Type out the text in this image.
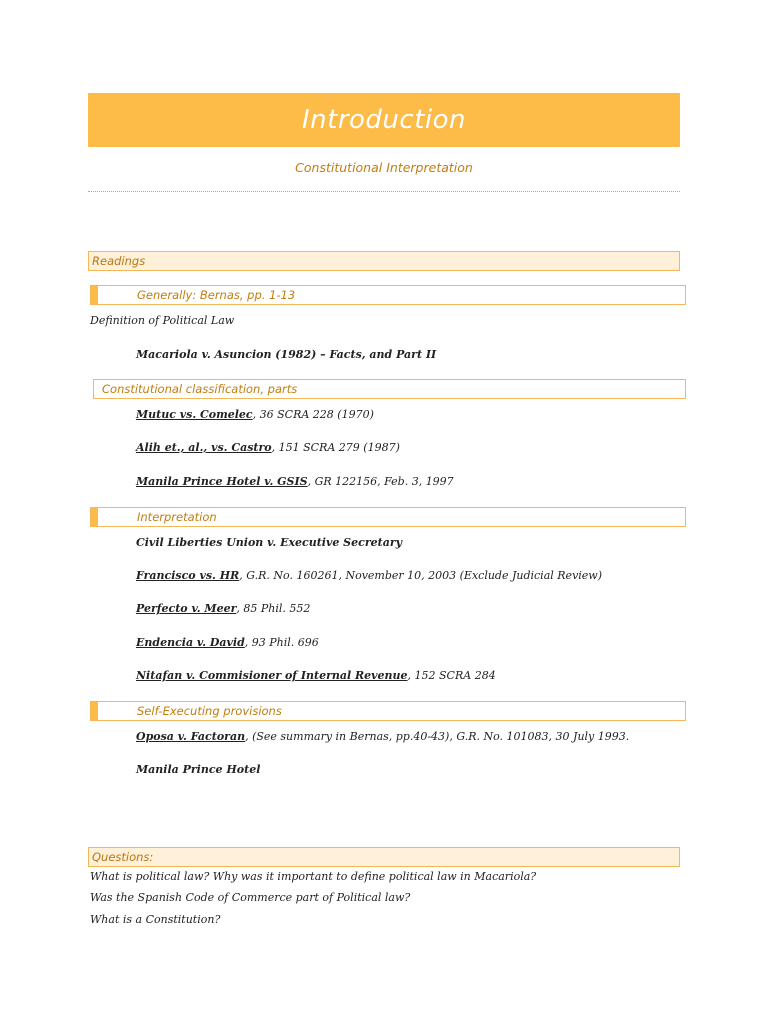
Introduction
Constitutional Interpretation
Readings
Generally: Bernas, pp. 1-13
Definition of Political Law
Macariola v. Asuncion (1982) – Facts, and Part II
Constitutional classification, parts
Mutuc vs. Comelec, 36 SCRA 228 (1970)
Alih et., al., vs. Castro, 151 SCRA 279 (1987)
Manila Prince Hotel v. GSIS, GR 122156, Feb. 3, 1997
Interpretation
Civil Liberties Union v. Executive Secretary
Francisco vs. HR, G.R. No. 160261, November 10, 2003 (Exclude Judicial Review)
Perfecto v. Meer, 85 Phil. 552
Endencia v. David, 93 Phil. 696
Nitafan v. Commisioner of Internal Revenue, 152 SCRA 284
Self-Executing provisions
Oposa v. Factoran, (See summary in Bernas, pp.40-43), G.R. No. 101083, 30 July 1993.
Manila Prince Hotel
Questions:
What is political law? Why was it important to define political law in Macariola?
Was the Spanish Code of Commerce part of Political law?
What is a Constitution?
